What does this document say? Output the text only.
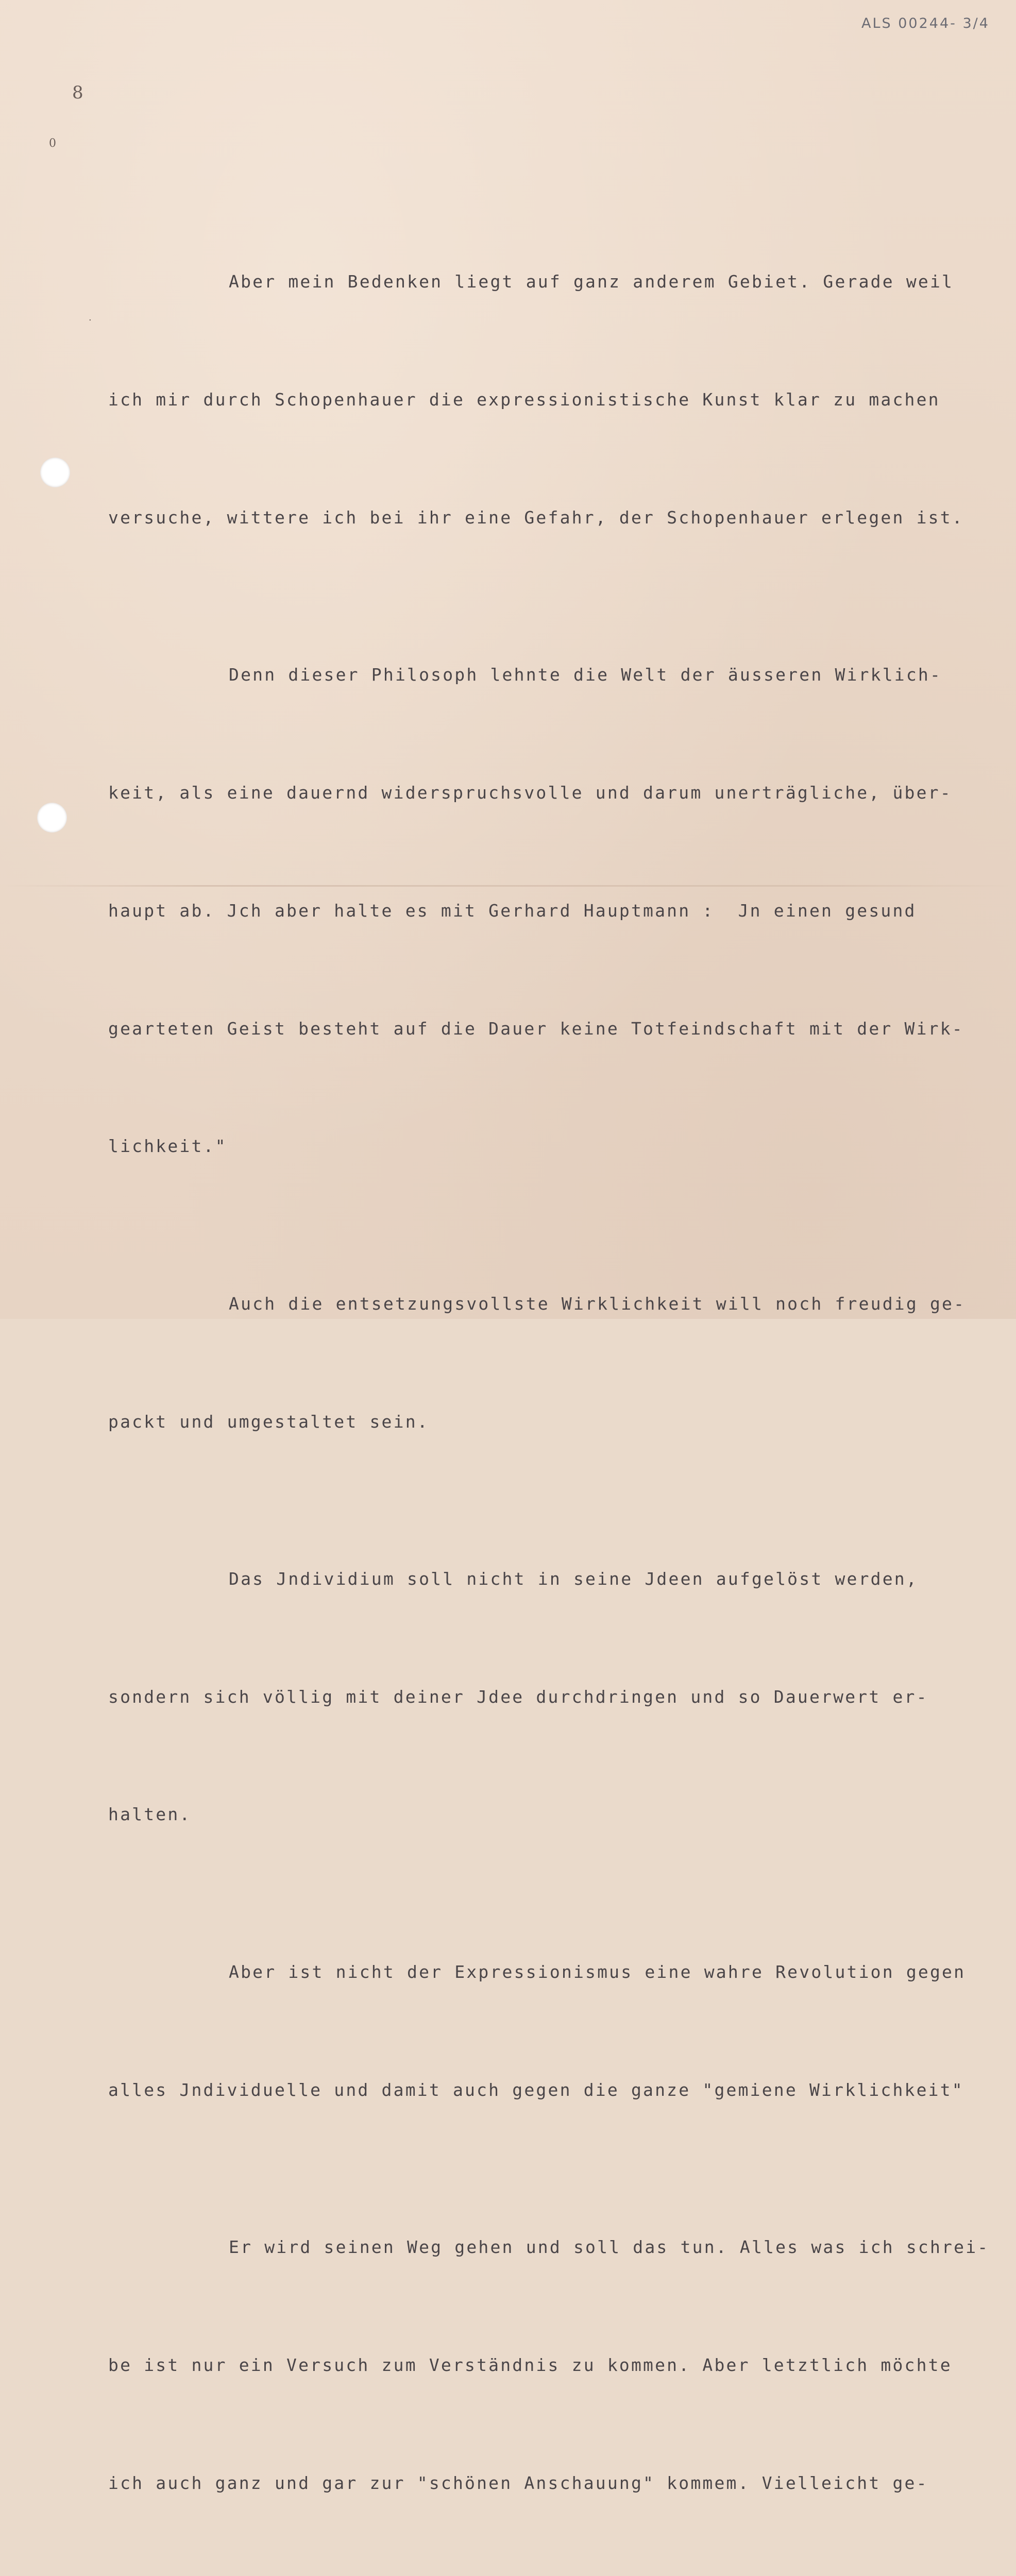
ALS 00244- 3/4
8
0
.

Aber mein Bedenken liegt auf ganz anderem Gebiet. Gerade weil

ich mir durch Schopenhauer die expressionistische Kunst klar zu machen

versuche, wittere ich bei ihr eine Gefahr, der Schopenhauer erlegen ist.

Denn dieser Philosoph lehnte die Welt der äusseren Wirklich-

keit, als eine dauernd widerspruchsvolle und darum unerträgliche, über-

haupt ab. Jch aber halte es mit Gerhard Hauptmann :  Jn einen gesund

gearteten Geist besteht auf die Dauer keine Totfeindschaft mit der Wirk-

lichkeit."

Auch die entsetzungsvollste Wirklichkeit will noch freudig ge-

packt und umgestaltet sein.

Das Jndividium soll nicht in seine Jdeen aufgelöst werden,

sondern sich völlig mit deiner Jdee durchdringen und so Dauerwert er-

halten.

Aber ist nicht der Expressionismus eine wahre Revolution gegen

alles Jndividuelle und damit auch gegen die ganze "gemiene Wirklichkeit"

Er wird seinen Weg gehen und soll das tun. Alles was ich schrei-

be ist nur ein Versuch zum Verständnis zu kommen. Aber letztlich möchte

ich auch ganz und gar zur "schönen Anschauung" kommem. Vielleicht ge-
